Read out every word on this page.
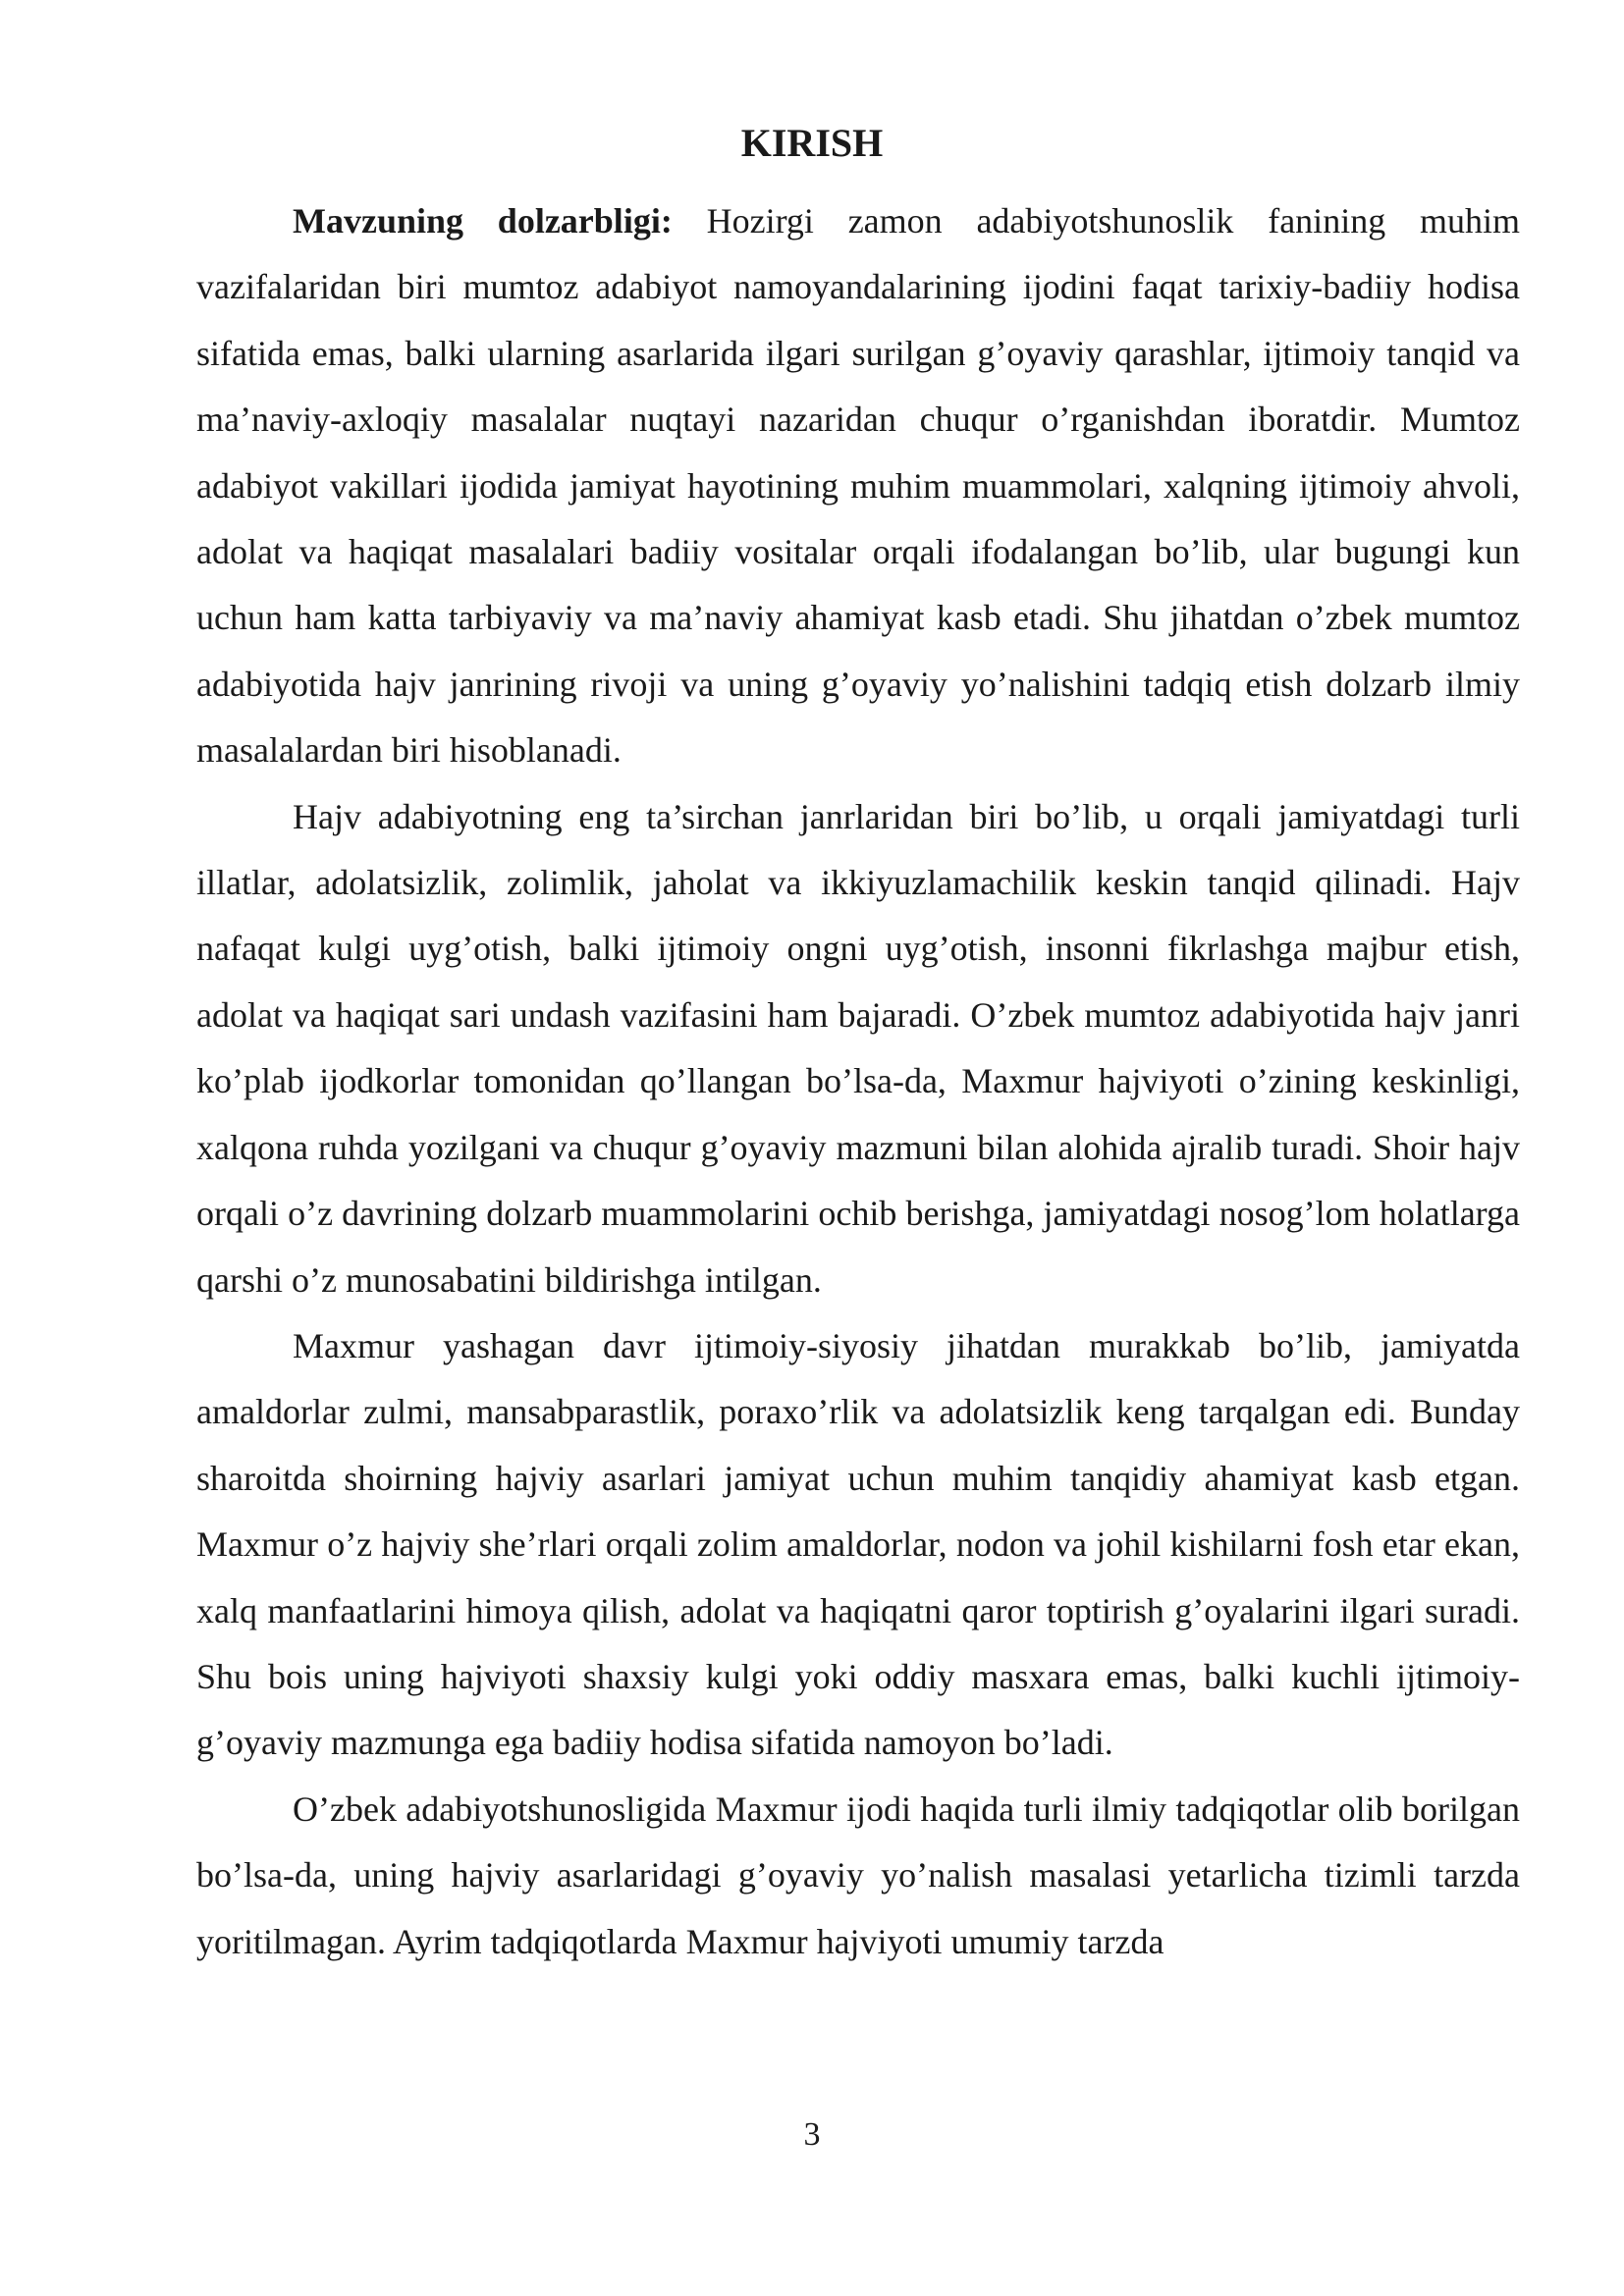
KIRISH

Mavzuning dolzarbligi: Hozirgi zamon adabiyotshunoslik fanining muhim vazifalaridan biri mumtoz adabiyot namoyandalarining ijodini faqat tarixiy-badiiy hodisa sifatida emas, balki ularning asarlarida ilgari surilgan g’oyaviy qarashlar, ijtimoiy tanqid va ma’naviy-axloqiy masalalar nuqtayi nazaridan chuqur o’rganishdan iboratdir. Mumtoz adabiyot vakillari ijodida jamiyat hayotining muhim muammolari, xalqning ijtimoiy ahvoli, adolat va haqiqat masalalari badiiy vositalar orqali ifodalangan bo’lib, ular bugungi kun uchun ham katta tarbiyaviy va ma’naviy ahamiyat kasb etadi. Shu jihatdan o’zbek mumtoz adabiyotida hajv janrining rivoji va uning g’oyaviy yo’nalishini tadqiq etish dolzarb ilmiy masalalardan biri hisoblanadi.

Hajv adabiyotning eng ta’sirchan janrlaridan biri bo’lib, u orqali jamiyatdagi turli illatlar, adolatsizlik, zolimlik, jaholat va ikkiyuzlamachilik keskin tanqid qilinadi. Hajv nafaqat kulgi uyg’otish, balki ijtimoiy ongni uyg’otish, insonni fikrlashga majbur etish, adolat va haqiqat sari undash vazifasini ham bajaradi. O’zbek mumtoz adabiyotida hajv janri ko’plab ijodkorlar tomonidan qo’llangan bo’lsa-da, Maxmur hajviyoti o’zining keskinligi, xalqona ruhda yozilgani va chuqur g’oyaviy mazmuni bilan alohida ajralib turadi. Shoir hajv orqali o’z davrining dolzarb muammolarini ochib berishga, jamiyatdagi nosog’lom holatlarga qarshi o’z munosabatini bildirishga intilgan.

Maxmur yashagan davr ijtimoiy-siyosiy jihatdan murakkab bo’lib, jamiyatda amaldorlar zulmi, mansabparastlik, poraxo’rlik va adolatsizlik keng tarqalgan edi. Bunday sharoitda shoirning hajviy asarlari jamiyat uchun muhim tanqidiy ahamiyat kasb etgan. Maxmur o’z hajviy she’rlari orqali zolim amaldorlar, nodon va johil kishilarni fosh etar ekan, xalq manfaatlarini himoya qilish, adolat va haqiqatni qaror toptirish g’oyalarini ilgari suradi. Shu bois uning hajviyoti shaxsiy kulgi yoki oddiy masxara emas, balki kuchli ijtimoiy-g’oyaviy mazmunga ega badiiy hodisa sifatida namoyon bo’ladi.

O’zbek adabiyotshunosligida Maxmur ijodi haqida turli ilmiy tadqiqotlar olib borilgan bo’lsa-da, uning hajviy asarlaridagi g’oyaviy yo’nalish masalasi yetarlicha tizimli tarzda yoritilmagan. Ayrim tadqiqotlarda Maxmur hajviyoti umumiy tarzda

3
